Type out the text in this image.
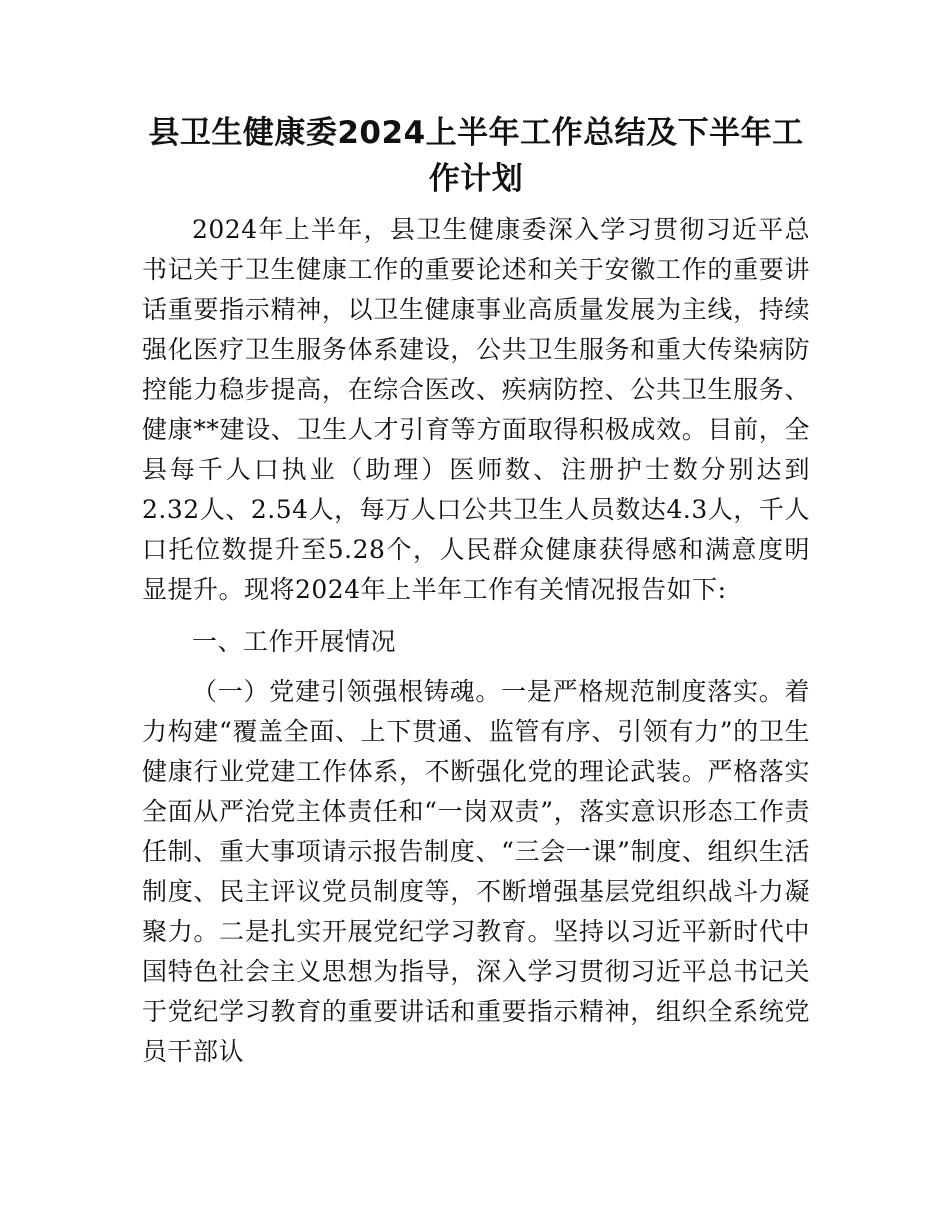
县卫生健康委2024上半年工作总结及下半年工作计划

2024年上半年，县卫生健康委深入学习贯彻习近平总书记关于卫生健康工作的重要论述和关于安徽工作的重要讲话重要指示精神，以卫生健康事业高质量发展为主线，持续强化医疗卫生服务体系建设，公共卫生服务和重大传染病防控能力稳步提高，在综合医改、疾病防控、公共卫生服务、健康**建设、卫生人才引育等方面取得积极成效。目前，全县每千人口执业（助理）医师数、注册护士数分别达到2.32人、2.54人，每万人口公共卫生人员数达4.3人，千人口托位数提升至5.28个，人民群众健康获得感和满意度明显提升。现将2024年上半年工作有关情况报告如下:

一、工作开展情况

（一）党建引领强根铸魂。一是严格规范制度落实。着力构建“覆盖全面、上下贯通、监管有序、引领有力”的卫生健康行业党建工作体系，不断强化党的理论武装。严格落实全面从严治党主体责任和“一岗双责”，落实意识形态工作责任制、重大事项请示报告制度、“三会一课”制度、组织生活制度、民主评议党员制度等，不断增强基层党组织战斗力凝聚力。二是扎实开展党纪学习教育。坚持以习近平新时代中国特色社会主义思想为指导，深入学习贯彻习近平总书记关于党纪学习教育的重要讲话和重要指示精神，组织全系统党员干部认
